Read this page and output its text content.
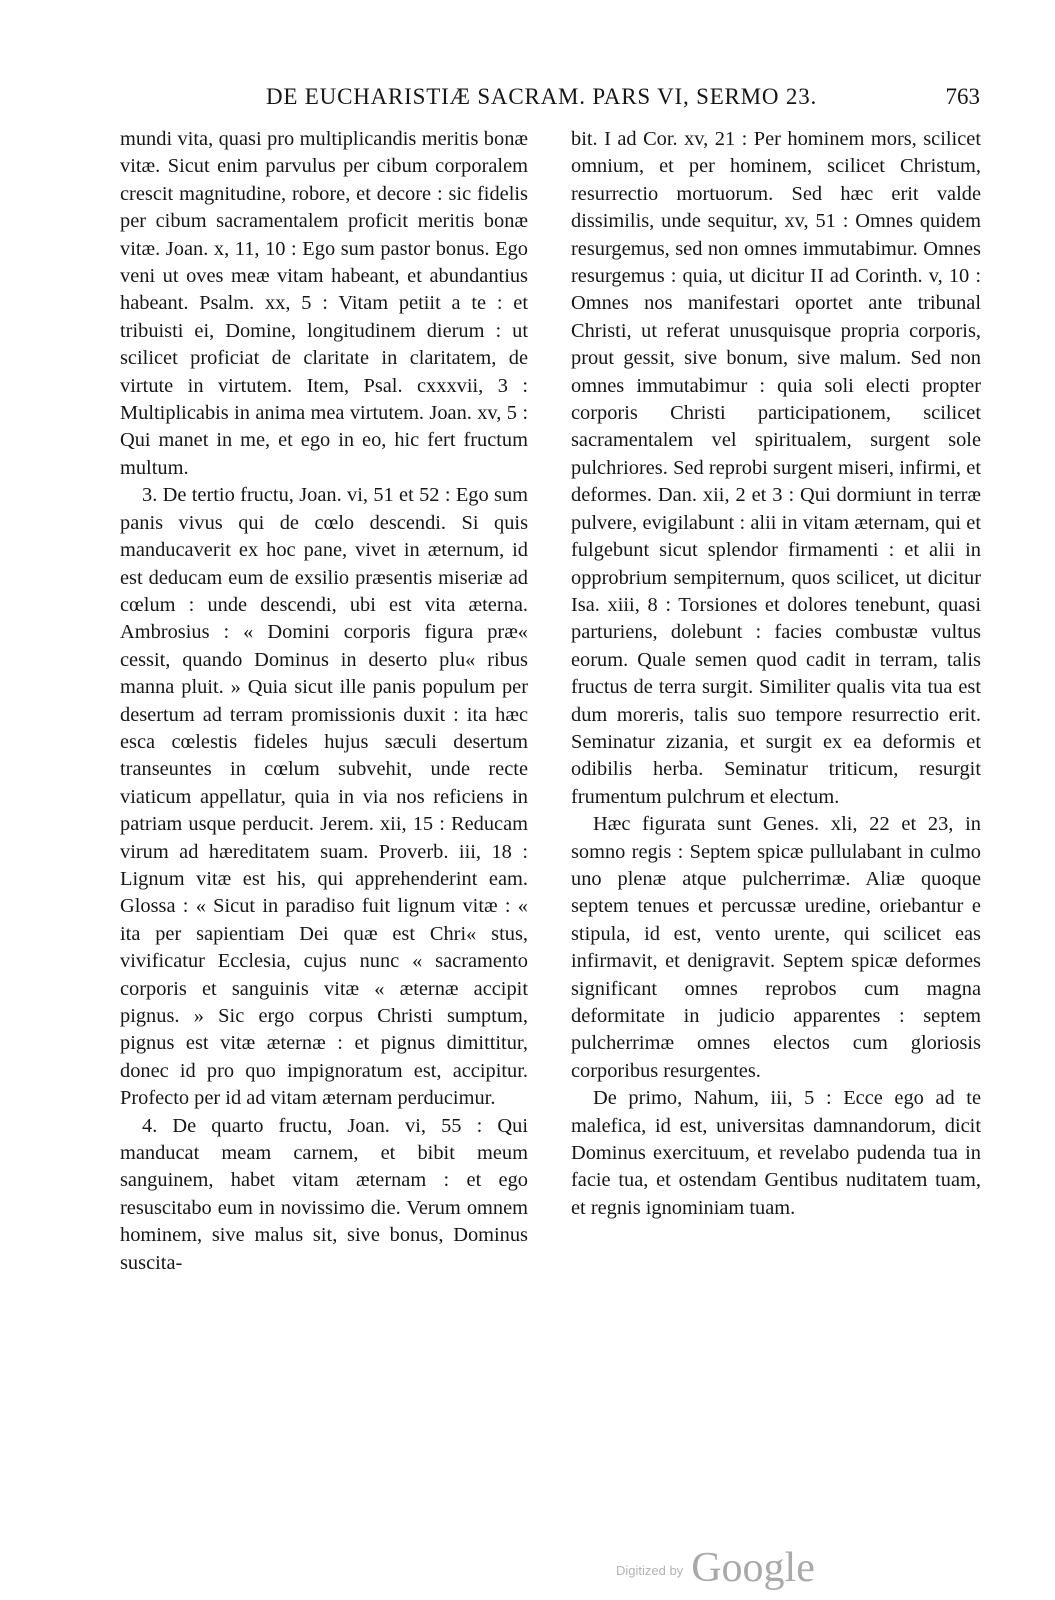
DE EUCHARISTIÆ SACRAM. PARS VI, SERMO 23.	763

mundi vita, quasi pro multiplicandis meritis bonæ vitæ. Sicut enim parvulus per cibum corporalem crescit magnitudine, robore, et decore : sic fidelis per cibum sacramentalem proficit meritis bonæ vitæ. Joan. x, 11, 10 : Ego sum pastor bonus. Ego veni ut oves meæ vitam habeant, et abundantius habeant. Psalm. xx, 5 : Vitam petiit a te : et tribuisti ei, Domine, longitudinem dierum : ut scilicet proficiat de claritate in claritatem, de virtute in virtutem. Item, Psal. cxxxvii, 3 : Multiplicabis in anima mea virtutem. Joan. xv, 5 : Qui manet in me, et ego in eo, hic fert fructum multum.

3. De tertio fructu, Joan. vi, 51 et 52 : Ego sum panis vivus qui de cœlo descendi. Si quis manducaverit ex hoc pane, vivet in æternum, id est deducam eum de exsilio præsentis miseriæ ad cœlum : unde descendi, ubi est vita æterna. Ambrosius : « Domini corporis figura præ« cessit, quando Dominus in deserto plu« ribus manna pluit. » Quia sicut ille panis populum per desertum ad terram promissionis duxit : ita hæc esca cœlestis fideles hujus sæculi desertum transeuntes in cœlum subvehit, unde recte viaticum appellatur, quia in via nos reficiens in patriam usque perducit. Jerem. xii, 15 : Reducam virum ad hæreditatem suam. Proverb. iii, 18 : Lignum vitæ est his, qui apprehenderint eam. Glossa : « Sicut in paradiso fuit lignum vitæ : « ita per sapientiam Dei quæ est Chri« stus, vivificatur Ecclesia, cujus nunc « sacramento corporis et sanguinis vitæ « æternæ accipit pignus. » Sic ergo corpus Christi sumptum, pignus est vitæ æternæ : et pignus dimittitur, donec id pro quo impignoratum est, accipitur. Profecto per id ad vitam æternam perducimur.

4. De quarto fructu, Joan. vi, 55 : Qui manducat meam carnem, et bibit meum sanguinem, habet vitam æternam : et ego resuscitabo eum in novissimo die. Verum omnem hominem, sive malus sit, sive bonus, Dominus suscita-

bit. I ad Cor. xv, 21 : Per hominem mors, scilicet omnium, et per hominem, scilicet Christum, resurrectio mortuorum. Sed hæc erit valde dissimilis, unde sequitur, xv, 51 : Omnes quidem resurgemus, sed non omnes immutabimur. Omnes resurgemus : quia, ut dicitur II ad Corinth. v, 10 : Omnes nos manifestari oportet ante tribunal Christi, ut referat unusquisque propria corporis, prout gessit, sive bonum, sive malum. Sed non omnes immutabimur : quia soli electi propter corporis Christi participationem, scilicet sacramentalem vel spiritualem, surgent sole pulchriores. Sed reprobi surgent miseri, infirmi, et deformes. Dan. xii, 2 et 3 : Qui dormiunt in terræ pulvere, evigilabunt : alii in vitam æternam, qui et fulgebunt sicut splendor firmamenti : et alii in opprobrium sempiternum, quos scilicet, ut dicitur Isa. xiii, 8 : Torsiones et dolores tenebunt, quasi parturiens, dolebunt : facies combustæ vultus eorum. Quale semen quod cadit in terram, talis fructus de terra surgit. Similiter qualis vita tua est dum moreris, talis suo tempore resurrectio erit. Seminatur zizania, et surgit ex ea deformis et odibilis herba. Seminatur triticum, resurgit frumentum pulchrum et electum.

Hæc figurata sunt Genes. xli, 22 et 23, in somno regis : Septem spicæ pullulabant in culmo uno plenæ atque pulcherrimæ. Aliæ quoque septem tenues et percussæ uredine, oriebantur e stipula, id est, vento urente, qui scilicet eas infirmavit, et denigravit. Septem spicæ deformes significant omnes reprobos cum magna deformitate in judicio apparentes : septem pulcherrimæ omnes electos cum gloriosis corporibus resurgentes.

De primo, Nahum, iii, 5 : Ecce ego ad te malefica, id est, universitas damnandorum, dicit Dominus exercituum, et revelabo pudenda tua in facie tua, et ostendam Gentibus nuditatem tuam, et regnis ignominiam tuam.

$^{Digitized by}$ Google
